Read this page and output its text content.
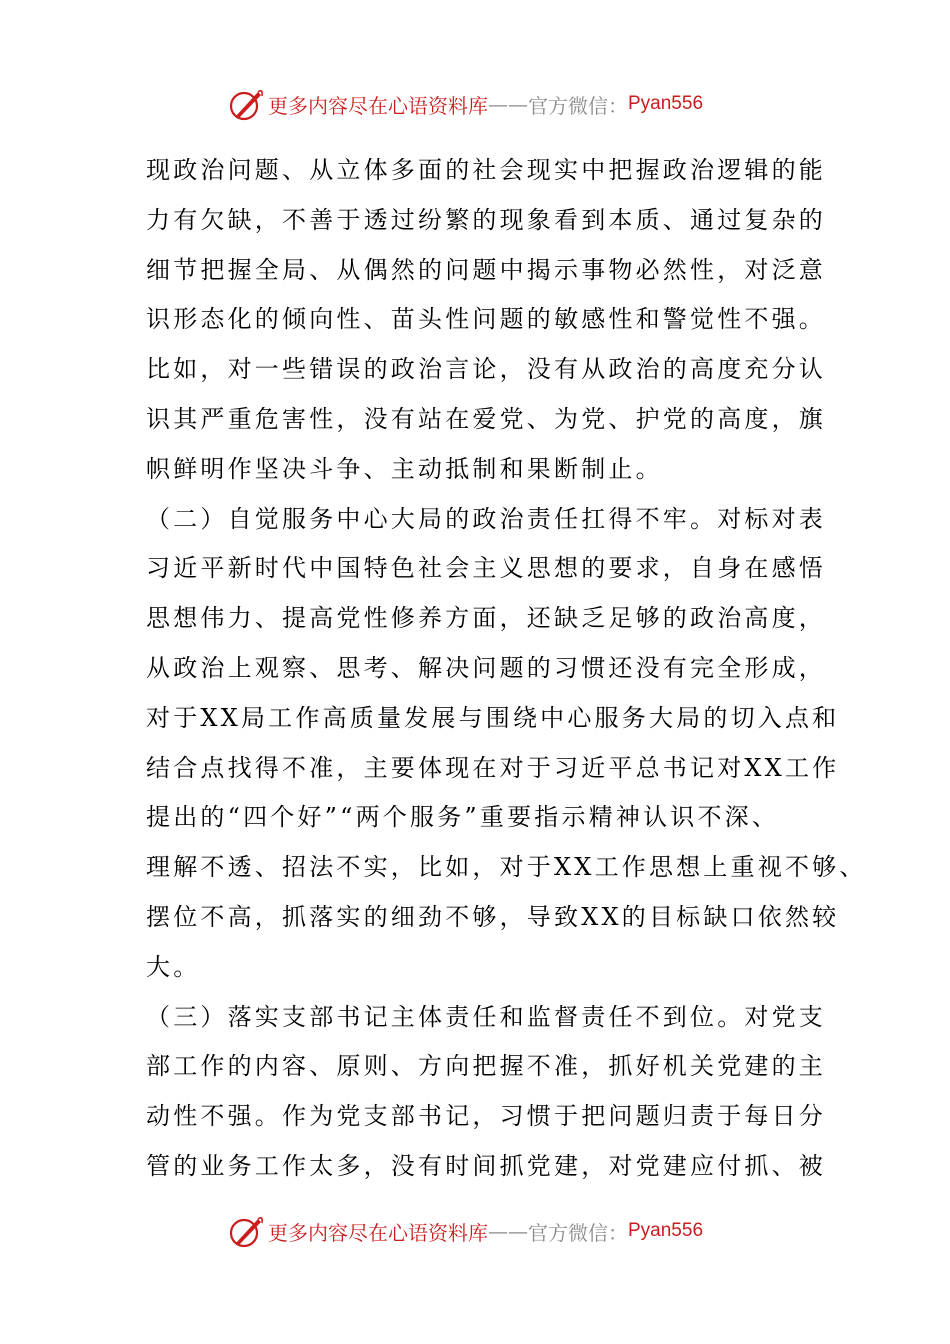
更多内容尽在心语资料库 —— 官方微信： Pyan556
现政治问题、从立体多面的社会现实中把握政治逻辑的能
力有欠缺，不善于透过纷繁的现象看到本质、通过复杂的
细节把握全局、从偶然的问题中揭示事物必然性，对泛意
识形态化的倾向性、苗头性问题的敏感性和警觉性不强。
比如，对一些错误的政治言论，没有从政治的高度充分认
识其严重危害性，没有站在爱党、为党、护党的高度，旗
帜鲜明作坚决斗争、主动抵制和果断制止。
（二）自觉服务中心大局的政治责任扛得不牢。对标对表
习近平新时代中国特色社会主义思想的要求，自身在感悟
思想伟力、提高党性修养方面，还缺乏足够的政治高度，
从政治上观察、思考、解决问题的习惯还没有完全形成，
对于XX局工作高质量发展与围绕中心服务大局的切入点和
结合点找得不准，主要体现在对于习近平总书记对XX工作
提出的“四个好”“两个服务”重要指示精神认识不深、
理解不透、招法不实，比如，对于XX工作思想上重视不够、
摆位不高，抓落实的细劲不够，导致XX的目标缺口依然较
大。
（三）落实支部书记主体责任和监督责任不到位。对党支
部工作的内容、原则、方向把握不准，抓好机关党建的主
动性不强。作为党支部书记，习惯于把问题归责于每日分
管的业务工作太多，没有时间抓党建，对党建应付抓、被
更多内容尽在心语资料库 —— 官方微信： Pyan556
